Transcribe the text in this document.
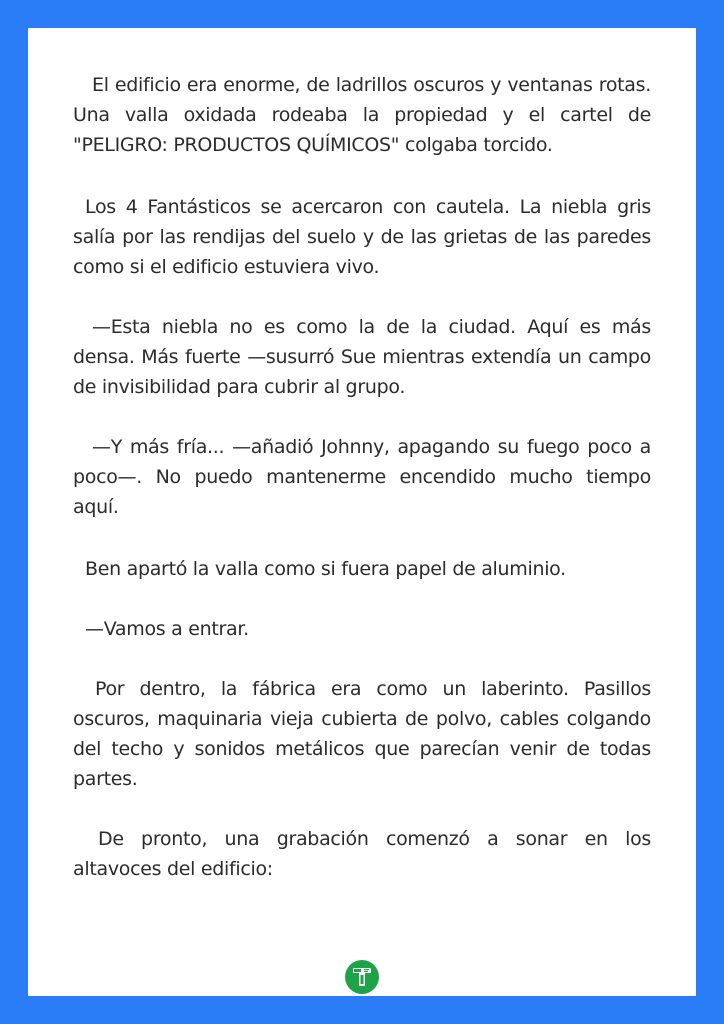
El edificio era enorme, de ladrillos oscuros y ventanas rotas. Una valla oxidada rodeaba la propiedad y el cartel de "PELIGRO: PRODUCTOS QUÍMICOS" colgaba torcido.

Los 4 Fantásticos se acercaron con cautela. La niebla gris salía por las rendijas del suelo y de las grietas de las paredes como si el edificio estuviera vivo.

—Esta niebla no es como la de la ciudad. Aquí es más densa. Más fuerte —susurró Sue mientras extendía un campo de invisibilidad para cubrir al grupo.

—Y más fría... —añadió Johnny, apagando su fuego poco a poco—. No puedo mantenerme encendido mucho tiempo aquí.

Ben apartó la valla como si fuera papel de aluminio.

—Vamos a entrar.

Por dentro, la fábrica era como un laberinto. Pasillos oscuros, maquinaria vieja cubierta de polvo, cables colgando del techo y sonidos metálicos que parecían venir de todas partes.

De pronto, una grabación comenzó a sonar en los altavoces del edificio:
